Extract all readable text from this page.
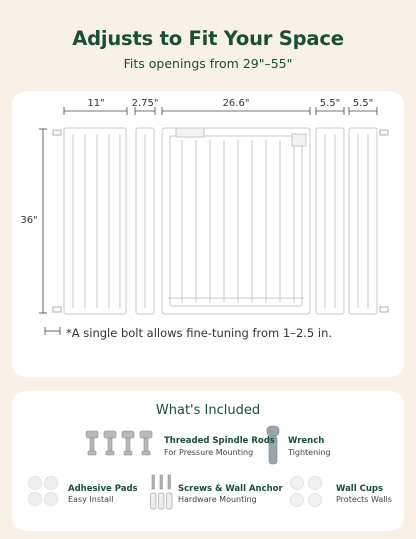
Adjusts to Fit Your Space
Fits openings from 29"–55"
11"	2.75"	26.6"	5.5"	5.5"
36"
*A single bolt allows fine-tuning from 1–2.5 in.
What's Included
Threaded Spindle Rods
For Pressure Mounting
Wrench
Tightening
Adhesive Pads
Easy Install
Screws & Wall Anchor
Hardware Mounting
Wall Cups
Protects Walls
